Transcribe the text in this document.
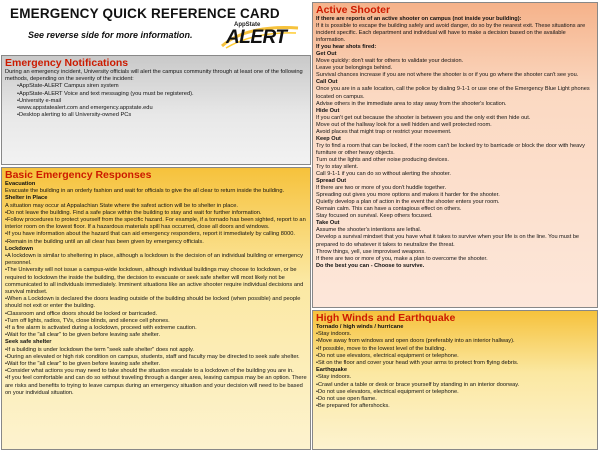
EMERGENCY QUICK REFERENCE CARD
See reverse side for more information.
AppState
ALERT
Emergency Notifications

During an emergency incident, University officials will alert the campus community through at least one of the following methods, depending on the severity of the incident:

•AppState-ALERT Campus siren system
•AppState-ALERT Voice and text messaging (you must be registered).
•University e-mail
•www.appstatealert.com and emergency.appstate.edu
•Desktop alerting to all University-owned PCs
Basic Emergency Responses

Evacuation

Evacuate the building in an orderly fashion and wait for officials to give the all clear to return inside the building.

Shelter in Place

A situation may occur at Appalachian State where the safest action will be to shelter in place.

•Do not leave the building. Find a safe place within the building to stay and wait for further information.

•Follow procedures to protect yourself from the specific hazard. For example, if a tornado has been sighted, report to an interior room on the lowest floor. If a hazardous materials spill has occurred, close all doors and windows.

•If you have information about the hazard that can aid emergency responders, report it immediately by calling 8000.

•Remain in the building until an all clear has been given by emergency officials.

Lockdown

•A lockdown is similar to sheltering in place, although a lockdown is the decision of an individual building or emergency personnel.

•The University will not issue a campus-wide lockdown, although individual buildings may choose to lockdown, or be required to lockdown the inside the building, the decision to evacuate or seek safe shelter will most likely not be communicated to all individuals immediately. Imminent situations like an active shooter require individual decisions and survival mindset.

•When a Lockdown is declared the doors leading outside of the building should be locked (when possible) and people should not exit or enter the building.

•Classroom and office doors should be locked or barricaded.

•Turn off lights, radios, TVs, close blinds, and silence cell phones.

•If a fire alarm is activated during a lockdown, proceed with extreme caution.

•Wait for the "all clear" to be given before leaving safe shelter.

Seek safe shelter

•If a building is under lockdown the term "seek safe shelter" does not apply.

•During an elevated or high risk condition on campus, students, staff and faculty may be directed to seek safe shelter.

•Wait for the "all clear" to be given before leaving safe shelter.

•Consider what actions you may need to take should the situation escalate to a lockdown of the building you are in.

•If you feel comfortable and can do so without traveling through a danger area, leaving campus may be an option. There are risks and benefits to trying to leave campus during an emergency situation and your decision will need to be based on your individual situation.

Active Shooter

If there are reports of an active shooter on campus (not inside your building):

If it is possible to escape the building safely and avoid danger, do so by the nearest exit. These situations are incident specific. Each department and individual will have to make a decision based on the available information.

If you hear shots fired:

Get Out

Move quickly: don't wait for others to validate your decision.

Leave your belongings behind.

Survival chances increase if you are not where the shooter is or if you go where the shooter can't see you.

Call Out

Once you are in a safe location, call the police by dialing 9-1-1 or use one of the Emergency Blue Light phones located on campus.

Advise others in the immediate area to stay away from the shooter's location.

Hide Out

If you can't get out because the shooter is between you and the only exit then hide out.

Move out of the hallway look for a well hidden and well protected room.

Avoid places that might trap or restrict your movement.

Keep Out

Try to find a room that can be locked, if the room can't be locked try to barricade or block the door with heavy furniture or other heavy objects.

Turn out the lights and other noise producing devices.

Try to stay silent.

Call 9-1-1 if you can do so without alerting the shooter.

Spread Out

If there are two or more of you don't huddle together.

Spreading out gives you more options and makes it harder for the shooter.

Quietly develop a plan of action in the event the shooter enters your room.

Remain calm. This can have a contagious effect on others.

Stay focused on survival. Keep others focused.

Take Out

Assume the shooter's intentions are lethal.

Develop a survival mindset that you have what it takes to survive when your life is on the line. You must be prepared to do whatever it takes to neutralize the threat.

Throw things, yell, use improvised weapons.

If there are two or more of you, make a plan to overcome the shooter.

Do the best you can - Choose to survive.

High Winds and Earthquake

Tornado / high winds / hurricane

•Stay indoors.

•Move away from windows and open doors (preferably into an interior hallway).

•If possible, move to the lowest level of the building.

•Do not use elevators, electrical equipment or telephone.

•Sit on the floor and cover your head with your arms to protect from flying debris.

Earthquake

•Stay indoors.

•Crawl under a table or desk or brace yourself by standing in an interior doorway.

•Do not use elevators, electrical equipment or telephone.

•Do not use open flame.

•Be prepared for aftershocks.
